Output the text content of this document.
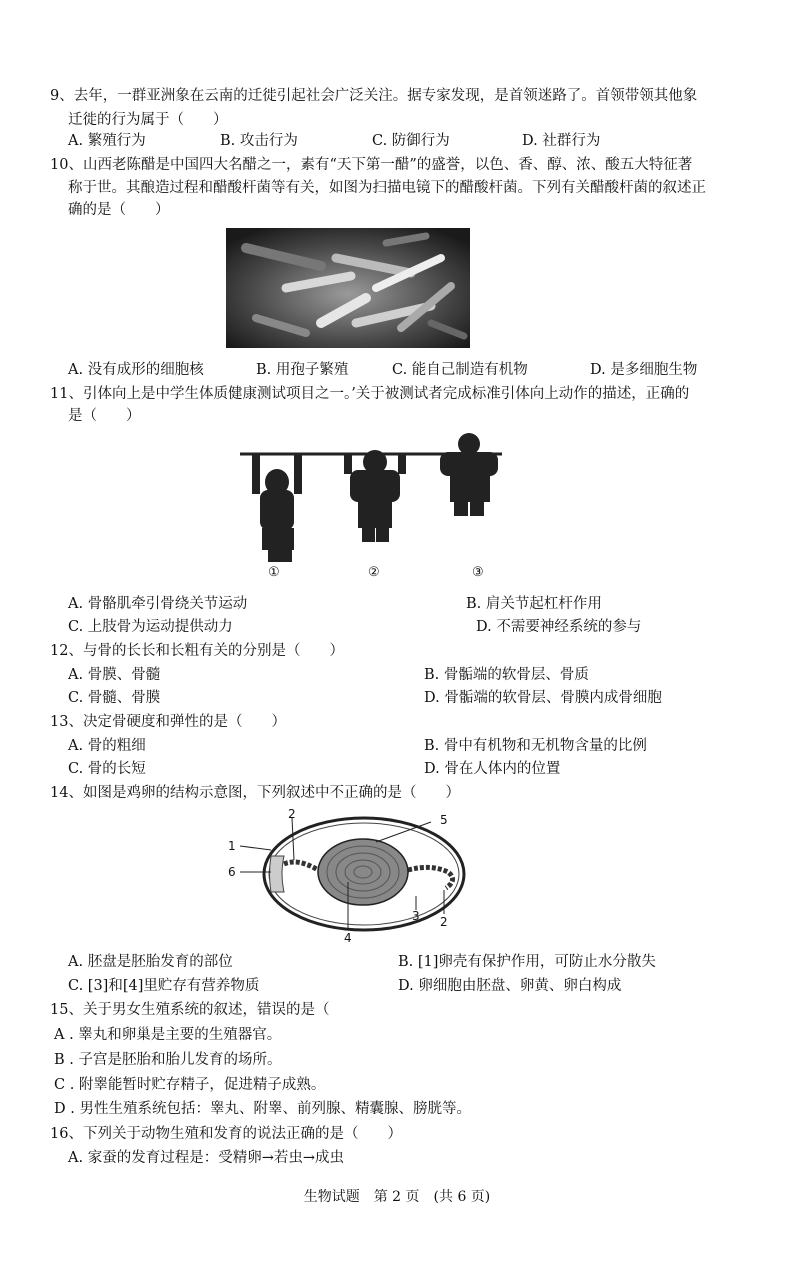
9、去年，一群亚洲象在云南的迁徙引起社会广泛关注。据专家发现，是首领迷路了。首领带领其他象
迁徙的行为属于（　　）
A. 繁殖行为	B. 攻击行为	C. 防御行为	D. 社群行为
10、山西老陈醋是中国四大名醋之一，素有“天下第一醋”的盛誉，以色、香、醇、浓、酸五大特征著
称于世。其酿造过程和醋酸杆菌等有关，如图为扫描电镜下的醋酸杆菌。下列有关醋酸杆菌的叙述正
确的是（　　）
A. 没有成形的细胞核	B. 用孢子繁殖	C. 能自己制造有机物	D. 是多细胞生物
11、引体向上是中学生体质健康测试项目之一。’关于被测试者完成标准引体向上动作的描述，正确的
是（　　）
①	②	③
A. 骨骼肌牵引骨绕关节运动	B. 肩关节起杠杆作用
C. 上肢骨为运动提供动力	D. 不需要神经系统的参与
12、与骨的长长和长粗有关的分别是（　　）
A. 骨膜、骨髓	B. 骨骺端的软骨层、骨质
C. 骨髓、骨膜	D. 骨骺端的软骨层、骨膜内成骨细胞
13、决定骨硬度和弹性的是（　　）
A. 骨的粗细	B. 骨中有机物和无机物含量的比例
C. 骨的长短	D. 骨在人体内的位置
14、如图是鸡卵的结构示意图，下列叙述中不正确的是（　　）
1
2	5
6
3 2
4
A. 胚盘是胚胎发育的部位	B. [1]卵壳有保护作用，可防止水分散失
C. [3]和[4]里贮存有营养物质	D. 卵细胞由胚盘、卵黄、卵白构成
15、关于男女生殖系统的叙述，错误的是（
A . 睾丸和卵巢是主要的生殖器官。
B . 子宫是胚胎和胎儿发育的场所。
C . 附睾能暂时贮存精子，促进精子成熟。
D . 男性生殖系统包括：睾丸、附睾、前列腺、精囊腺、膀胱等。
16、下列关于动物生殖和发育的说法正确的是（　　）
A. 家蚕的发育过程是：受精卵→若虫→成虫
生物试题　第 2 页　(共 6 页)
